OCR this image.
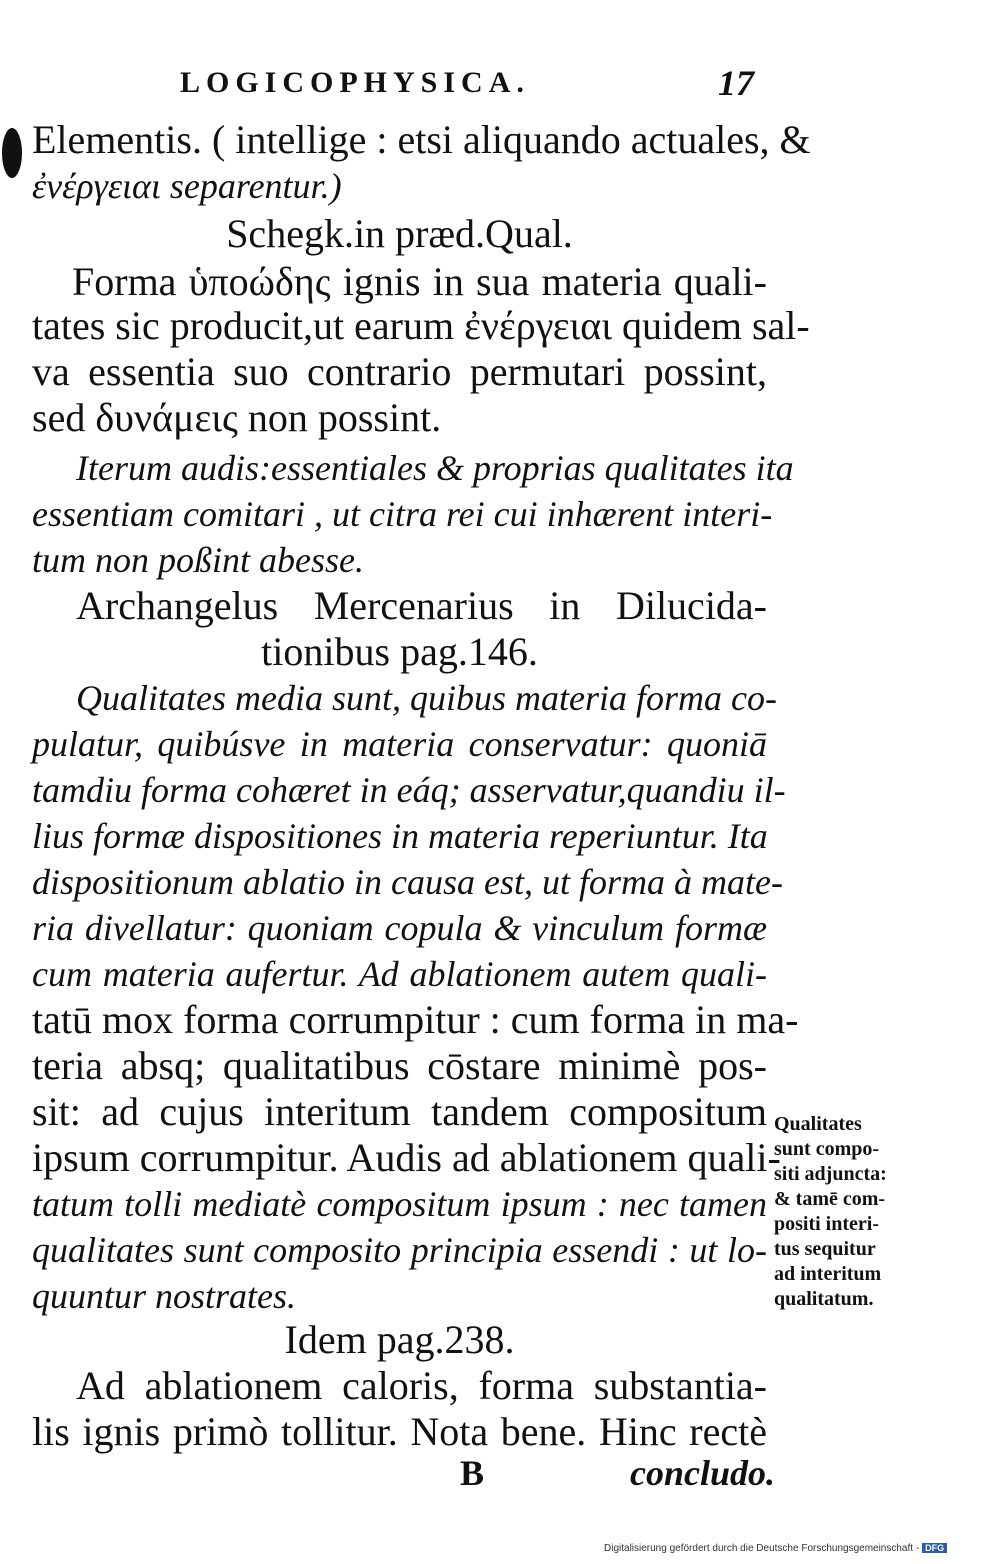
LOGICOPHYSICA.	17
Elementis. ( intellige : etsi aliquando actuales, &
ἐνέργειαι separentur.)
Schegk.in præd.Qual.
Forma ὑποώδης ignis in sua materia quali-
tates sic producit,ut earum ἐνέργειαι quidem sal-
va essentia suo contrario permutari possint,
sed δυνάμεις non possint.
Iterum audis:essentiales & proprias qualitates ita
essentiam comitari , ut citra rei cui inhærent interi-
tum non poßint abesse.
Archangelus Mercenarius in Dilucida-
tionibus pag.146.
Qualitates media sunt, quibus materia forma co-
pulatur, quibúsve in materia conservatur: quoniā
tamdiu forma cohæret in eáq; asservatur,quandiu il-
lius formæ dispositiones in materia reperiuntur. Ita
dispositionum ablatio in causa est, ut forma à mate-
ria divellatur: quoniam copula & vinculum formæ
cum materia aufertur. Ad ablationem autem quali-
tatū mox forma corrumpitur : cum forma in ma-
teria absq; qualitatibus cōstare minimè pos-
sit: ad cujus interitum tandem compositum
ipsum corrumpitur. Audis ad ablationem quali-
tatum tolli mediatè compositum ipsum : nec tamen
qualitates sunt composito principia essendi : ut lo-
quuntur nostrates.
Idem pag.238.
Ad ablationem caloris, forma substantia-
lis ignis primò tollitur. Nota bene. Hinc rectè
B	concludo.
Qualitates
sunt compo-
siti adjuncta:
& tamē com-
positi interi-
tus sequitur
ad interitum
qualitatum.
Digitalisierung gefördert durch die Deutsche Forschungsgemeinschaft - DFG
